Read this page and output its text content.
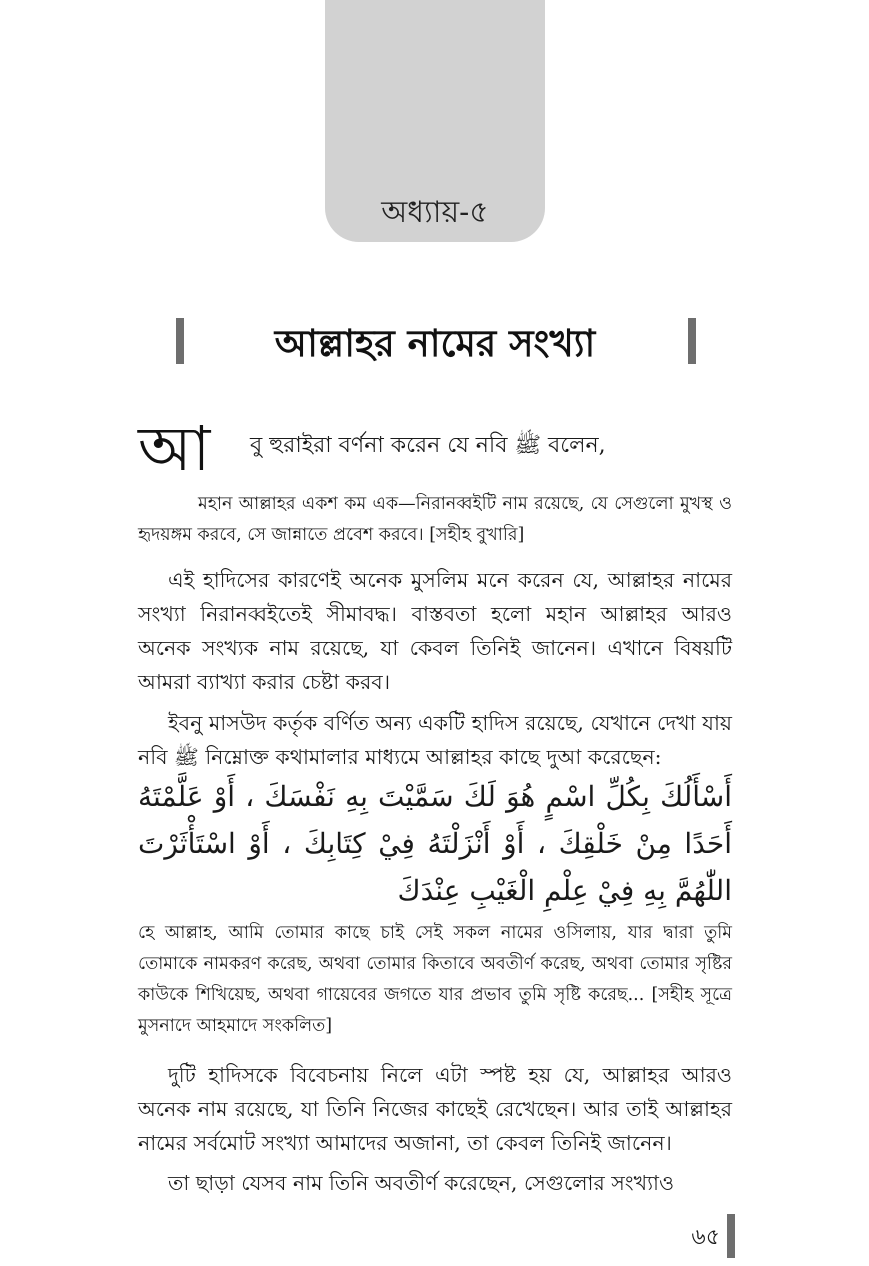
অধ্যায়-৫
আল্লাহর নামের সংখ্যা
আ বু হুরাইরা বর্ণনা করেন যে নবি ﷺ বলেন,

মহান আল্লাহর একশ কম এক—নিরানব্বইটি নাম রয়েছে, যে সেগুলো মুখস্থ ও হৃদয়ঙ্গম করবে, সে জান্নাতে প্রবেশ করবে। [সহীহ বুখারি]

এই হাদিসের কারণেই অনেক মুসলিম মনে করেন যে, আল্লাহর নামের সংখ্যা নিরানব্বইতেই সীমাবদ্ধ। বাস্তবতা হলো মহান আল্লাহর আরও অনেক সংখ্যক নাম রয়েছে, যা কেবল তিনিই জানেন। এখানে বিষয়টি আমরা ব্যাখ্যা করার চেষ্টা করব।

ইবনু মাসউদ কর্তৃক বর্ণিত অন্য একটি হাদিস রয়েছে, যেখানে দেখা যায় নবি ﷺ নিম্নোক্ত কথামালার মাধ্যমে আল্লাহর কাছে দুআ করেছেন:

أَسْأَلُكَ بِكُلِّ اسْمٍ هُوَ لَكَ سَمَّيْتَ بِهِ نَفْسَكَ ، أَوْ عَلَّمْتَهُ أَحَدًا مِنْ خَلْقِكَ ، أَوْ أَنْزَلْتَهُ فِيْ كِتَابِكَ ، أَوْ اسْتَأْثَرْتَ اللّٰهُمَّ بِهِ فِيْ عِلْمِ الْغَيْبِ عِنْدَكَ

হে আল্লাহ, আমি তোমার কাছে চাই সেই সকল নামের ওসিলায়, যার দ্বারা তুমি তোমাকে নামকরণ করেছ, অথবা তোমার কিতাবে অবতীর্ণ করেছ, অথবা তোমার সৃষ্টির কাউকে শিখিয়েছ, অথবা গায়েবের জগতে যার প্রভাব তুমি সৃষ্টি করেছ... [সহীহ সূত্রে মুসনাদে আহমাদে সংকলিত]

দুটি হাদিসকে বিবেচনায় নিলে এটা স্পষ্ট হয় যে, আল্লাহর আরও অনেক নাম রয়েছে, যা তিনি নিজের কাছেই রেখেছেন। আর তাই আল্লাহর নামের সর্বমোট সংখ্যা আমাদের অজানা, তা কেবল তিনিই জানেন।

তা ছাড়া যেসব নাম তিনি অবতীর্ণ করেছেন, সেগুলোর সংখ্যাও

৬৫
